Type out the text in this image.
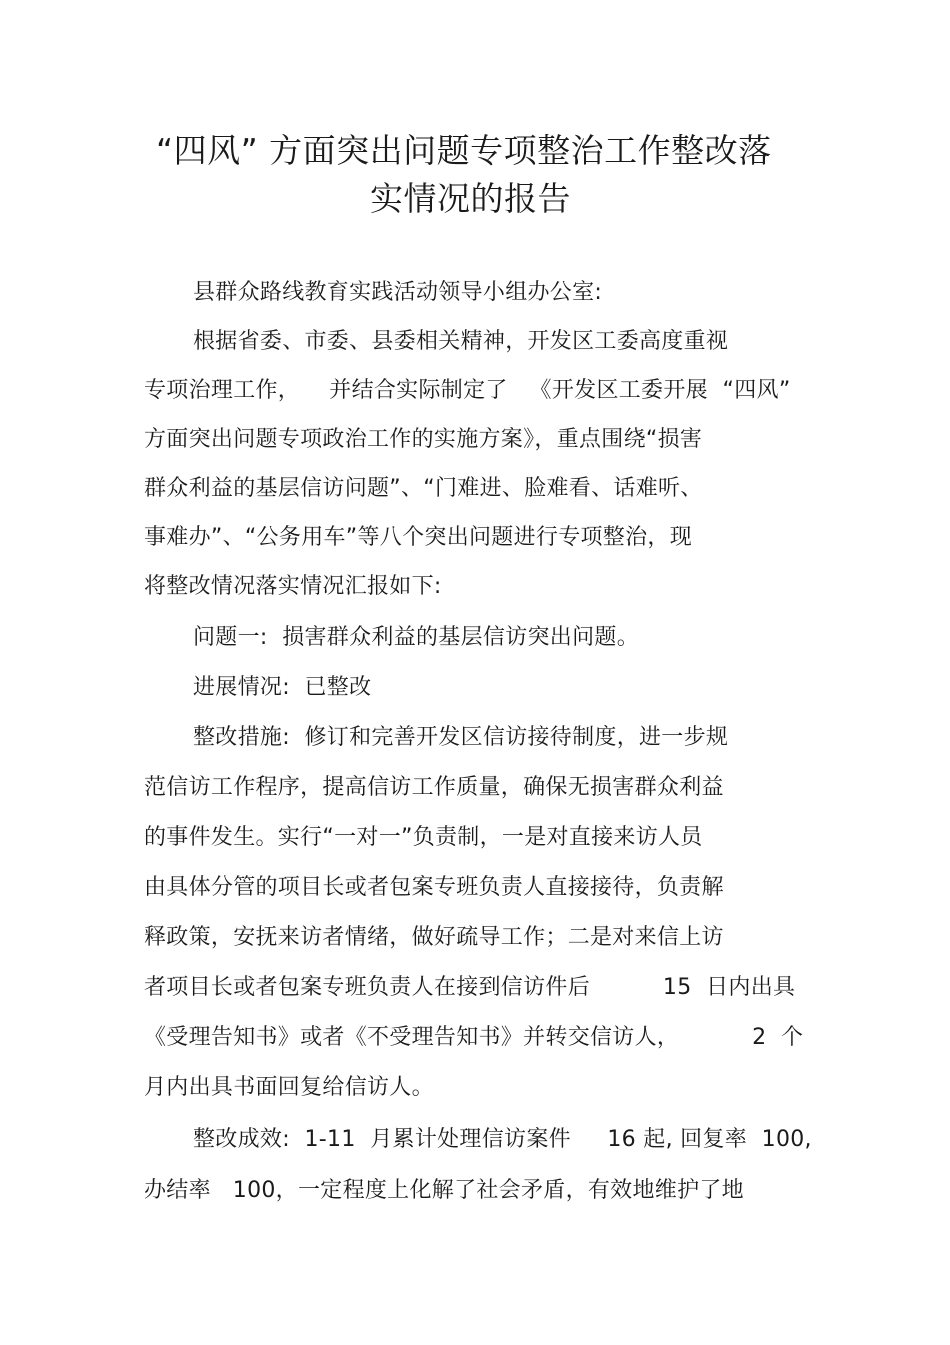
“四风” 方面突出问题专项整治工作整改落
实情况的报告
县群众路线教育实践活动领导小组办公室:
根据省委、市委、县委相关精神，开发区工委高度重视
专项治理工作，    并结合实际制定了   《开发区工委开展  “四风”
方面突出问题专项政治工作的实施方案》，重点围绕“损害
群众利益的基层信访问题”、“门难进、脸难看、话难听、
事难办”、“公务用车”等八个突出问题进行专项整治，现
将整改情况落实情况汇报如下:
问题一:  损害群众利益的基层信访突出问题。
进展情况:  已整改
整改措施:  修订和完善开发区信访接待制度，进一步规
范信访工作程序，提高信访工作质量，确保无损害群众利益
的事件发生。实行“一对一”负责制，一是对直接来访人员
由具体分管的项目长或者包案专班负责人直接接待，负责解
释政策，安抚来访者情绪，做好疏导工作；二是对来信上访
者项目长或者包案专班负责人在接到信访件后          15  日内出具
《受理告知书》或者《不受理告知书》并转交信访人，          2  个
月内出具书面回复给信访人。
整改成效:  1-11  月累计处理信访案件     16 起, 回复率  100,
办结率   100，一定程度上化解了社会矛盾，有效地维护了地
